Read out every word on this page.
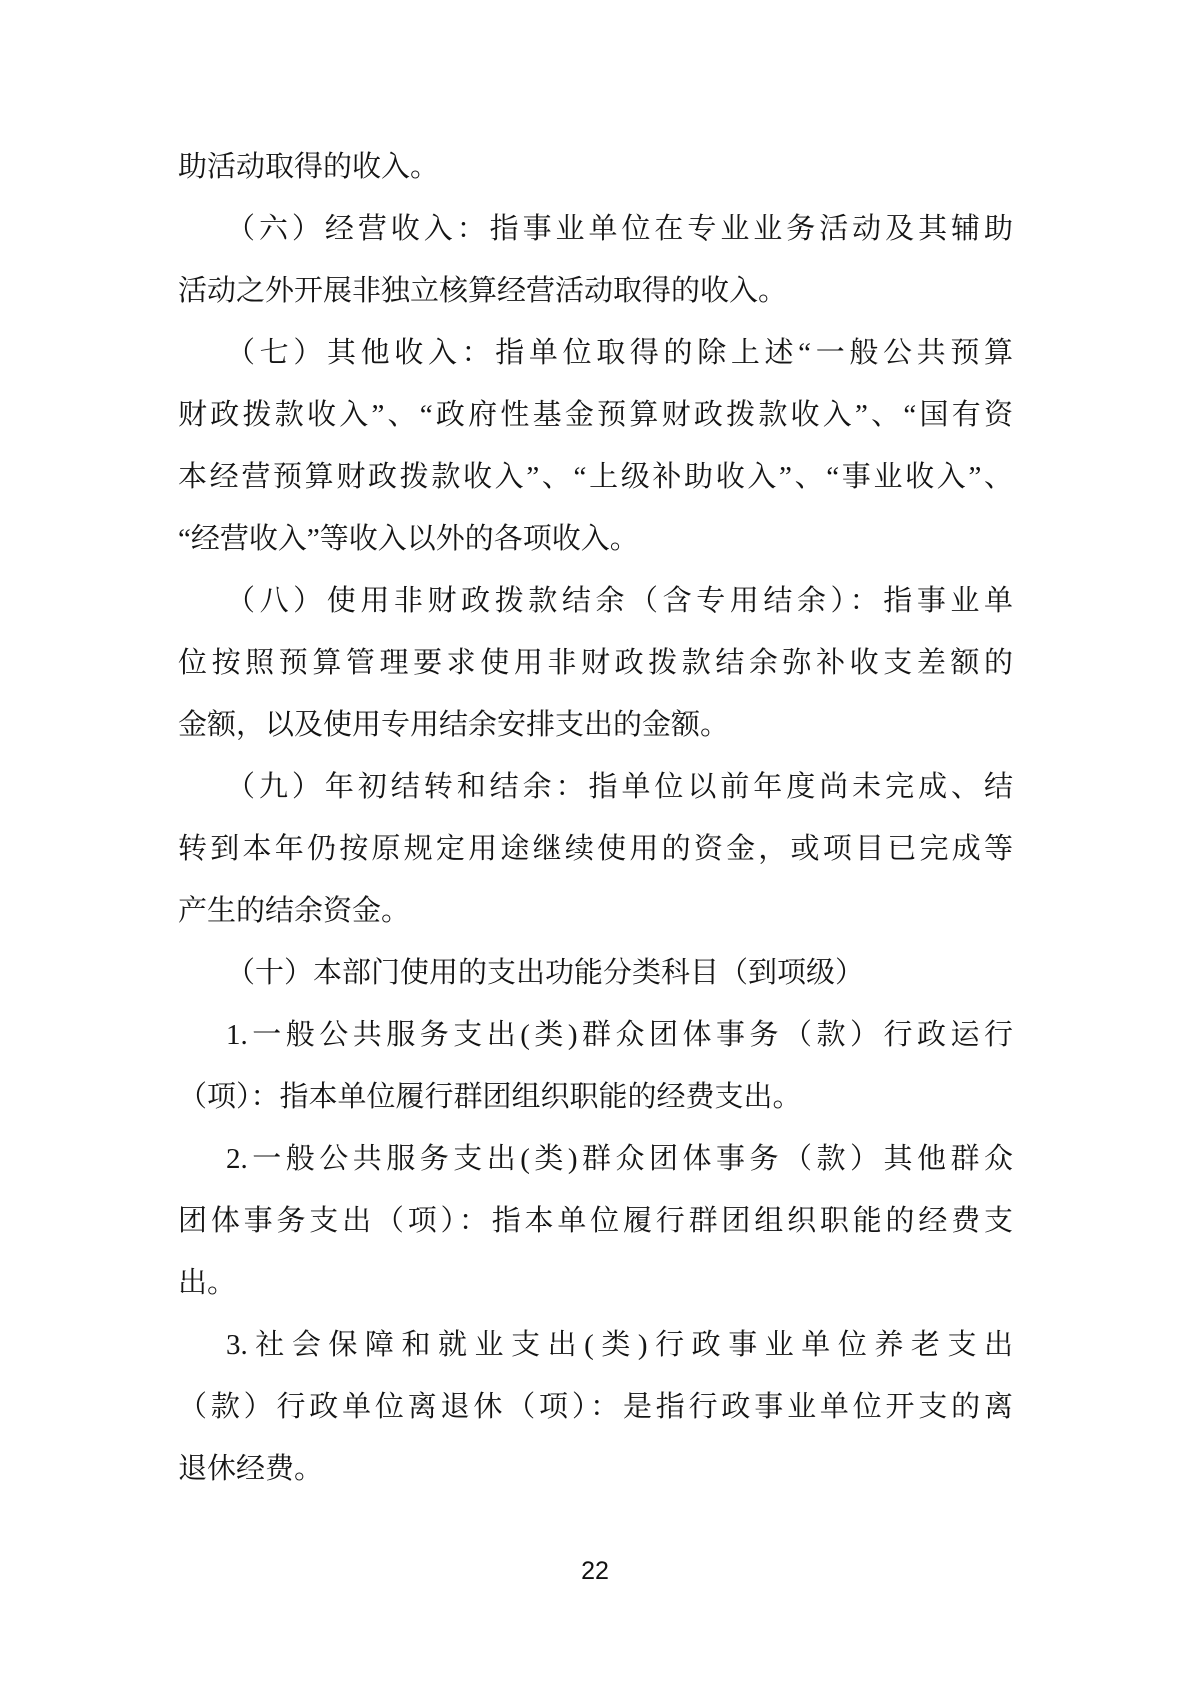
助活动取得的收入。
（六）经营收入：指事业单位在专业业务活动及其辅助
活动之外开展非独立核算经营活动取得的收入。
（七）其他收入：指单位取得的除上述“一般公共预算
财政拨款收入”、“政府性基金预算财政拨款收入”、“国有资
本经营预算财政拨款收入”、“上级补助收入”、“事业收入”、
“经营收入”等收入以外的各项收入。
（八）使用非财政拨款结余（含专用结余）：指事业单
位按照预算管理要求使用非财政拨款结余弥补收支差额的
金额，以及使用专用结余安排支出的金额。
（九）年初结转和结余：指单位以前年度尚未完成、结
转到本年仍按原规定用途继续使用的资金，或项目已完成等
产生的结余资金。
（十）本部门使用的支出功能分类科目（到项级）
1.一般公共服务支出(类)群众团体事务（款）行政运行
（项）：指本单位履行群团组织职能的经费支出。
2.一般公共服务支出(类)群众团体事务（款）其他群众
团体事务支出（项）：指本单位履行群团组织职能的经费支
出。
3.社会保障和就业支出(类)行政事业单位养老支出
（款）行政单位离退休（项）：是指行政事业单位开支的离
退休经费。
22
